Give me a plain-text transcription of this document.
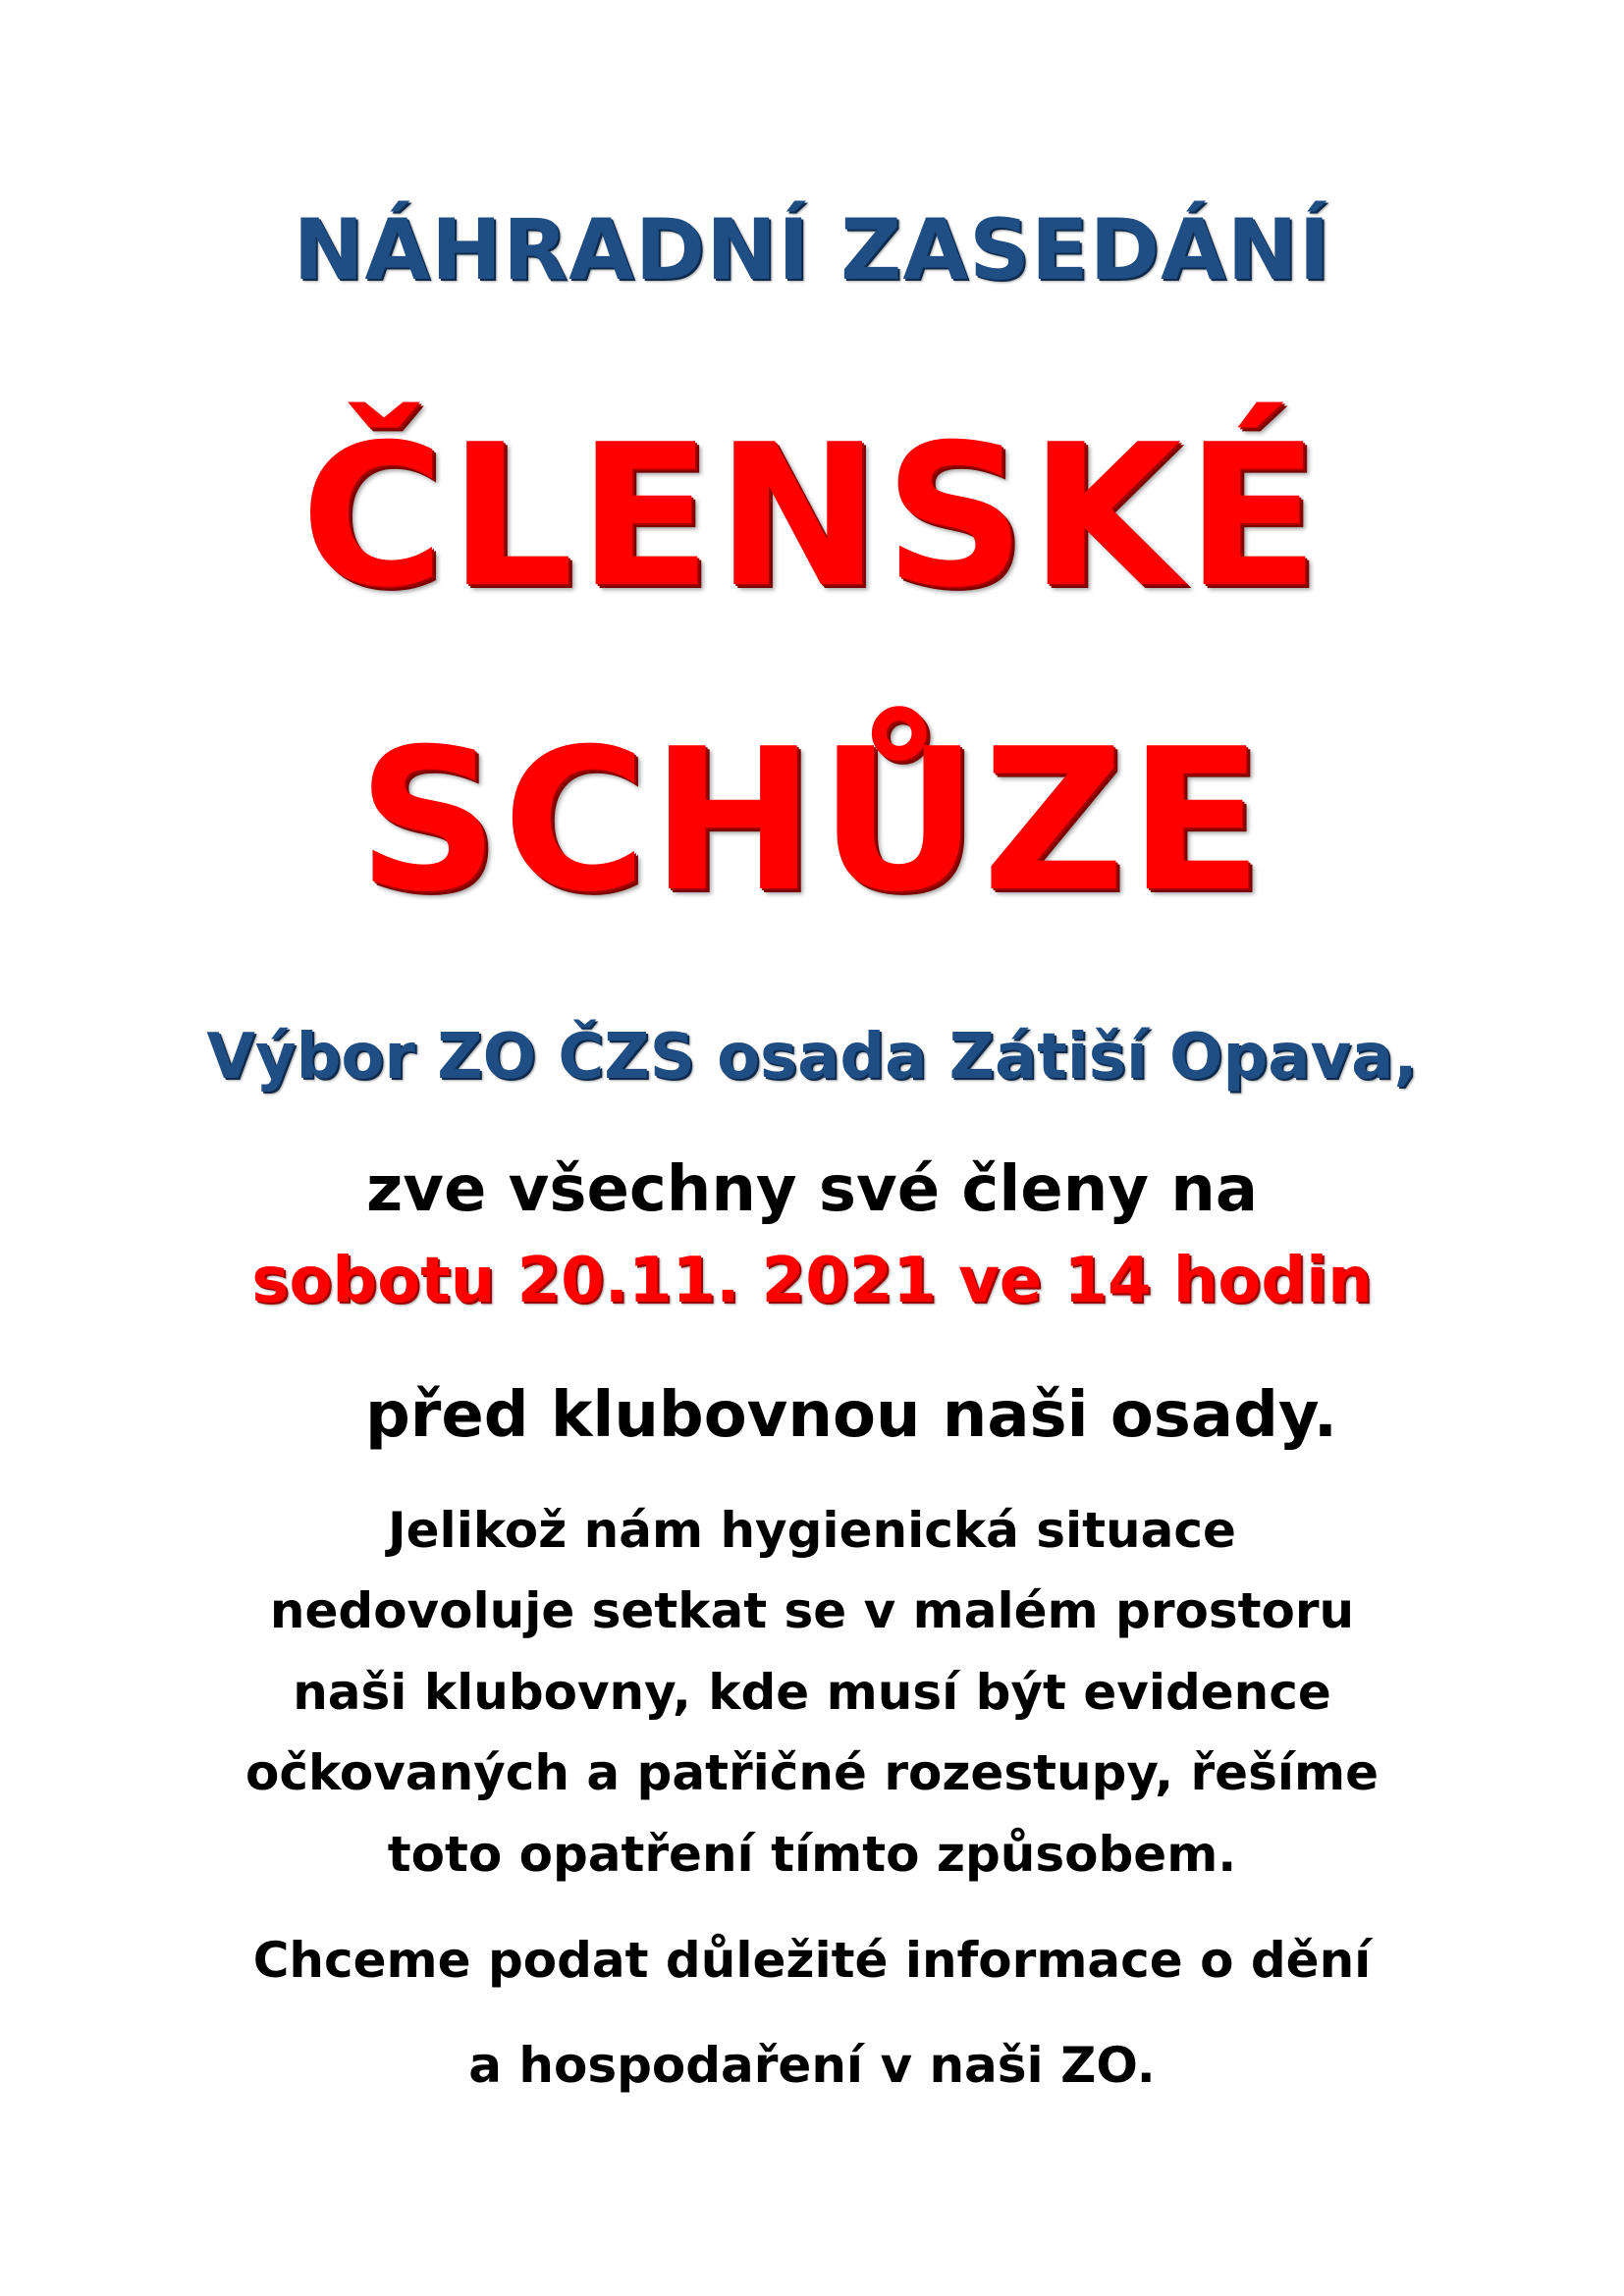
NÁHRADNÍ ZASEDÁNÍ
ČLENSKÉ
SCHŮZE
Výbor ZO ČZS osada Zátiší Opava,
zve všechny své členy na
sobotu 20.11. 2021 ve 14 hodin
před klubovnou naši osady.
Jelikož nám hygienická situace
nedovoluje setkat se v malém prostoru
naši klubovny, kde musí být evidence
očkovaných a patřičné rozestupy, řešíme
toto opatření tímto způsobem.
Chceme podat důležité informace o dění
a hospodaření v naši ZO.
